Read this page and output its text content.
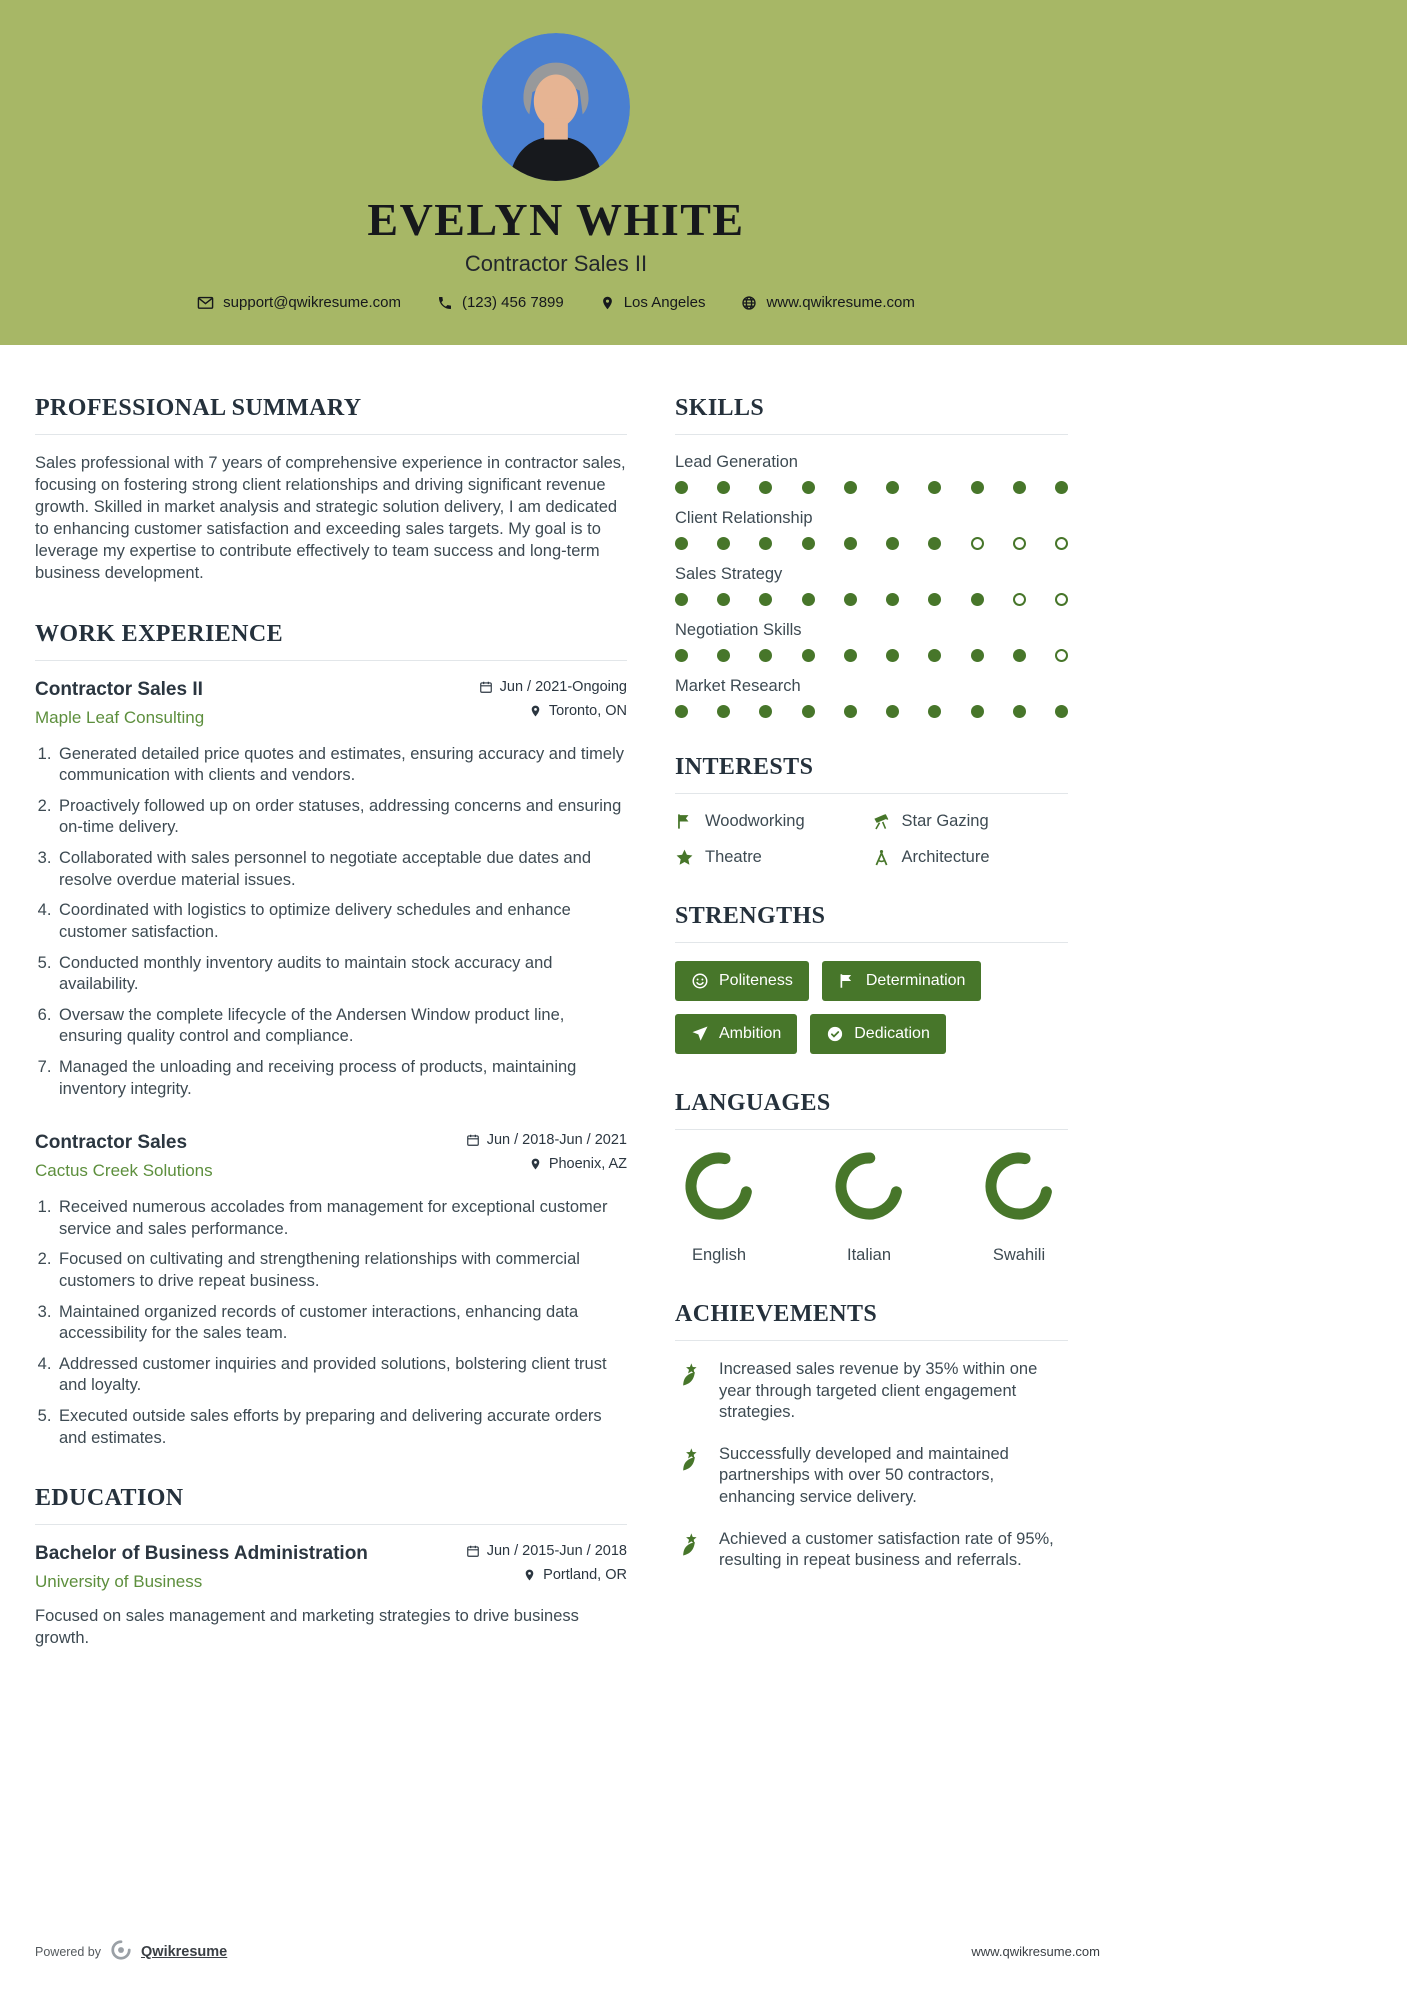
EVELYN WHITE
Contractor Sales II
support@qwikresume.com	(123) 456 7899	Los Angeles	www.qwikresume.com
PROFESSIONAL SUMMARY

Sales professional with 7 years of comprehensive experience in contractor sales, focusing on fostering strong client relationships and driving significant revenue growth. Skilled in market analysis and strategic solution delivery, I am dedicated to enhancing customer satisfaction and exceeding sales targets. My goal is to leverage my expertise to contribute effectively to team success and long-term business development.

WORK EXPERIENCE
Contractor Sales II
Maple Leaf Consulting
Jun / 2021-Ongoing
Toronto, ON
1. Generated detailed price quotes and estimates, ensuring accuracy and timely communication with clients and vendors.
2. Proactively followed up on order statuses, addressing concerns and ensuring on-time delivery.
3. Collaborated with sales personnel to negotiate acceptable due dates and resolve overdue material issues.
4. Coordinated with logistics to optimize delivery schedules and enhance customer satisfaction.
5. Conducted monthly inventory audits to maintain stock accuracy and availability.
6. Oversaw the complete lifecycle of the Andersen Window product line, ensuring quality control and compliance.
7. Managed the unloading and receiving process of products, maintaining inventory integrity.
Contractor Sales
Cactus Creek Solutions
Jun / 2018-Jun / 2021
Phoenix, AZ
1. Received numerous accolades from management for exceptional customer service and sales performance.
2. Focused on cultivating and strengthening relationships with commercial customers to drive repeat business.
3. Maintained organized records of customer interactions, enhancing data accessibility for the sales team.
4. Addressed customer inquiries and provided solutions, bolstering client trust and loyalty.
5. Executed outside sales efforts by preparing and delivering accurate orders and estimates.
EDUCATION
Bachelor of Business Administration
University of Business
Jun / 2015-Jun / 2018
Portland, OR

Focused on sales management and marketing strategies to drive business growth.

SKILLS
Lead Generation
Client Relationship
Sales Strategy
Negotiation Skills
Market Research
INTERESTS
Woodworking	Star Gazing
Theatre	Architecture
STRENGTHS
Politeness	Determination
Ambition	Dedication
LANGUAGES
English	Italian	Swahili
ACHIEVEMENTS
Increased sales revenue by 35% within one year through targeted client engagement strategies.
Successfully developed and maintained partnerships with over 50 contractors, enhancing service delivery.
Achieved a customer satisfaction rate of 95%, resulting in repeat business and referrals.
Powered by	Qwikresume	www.qwikresume.com
